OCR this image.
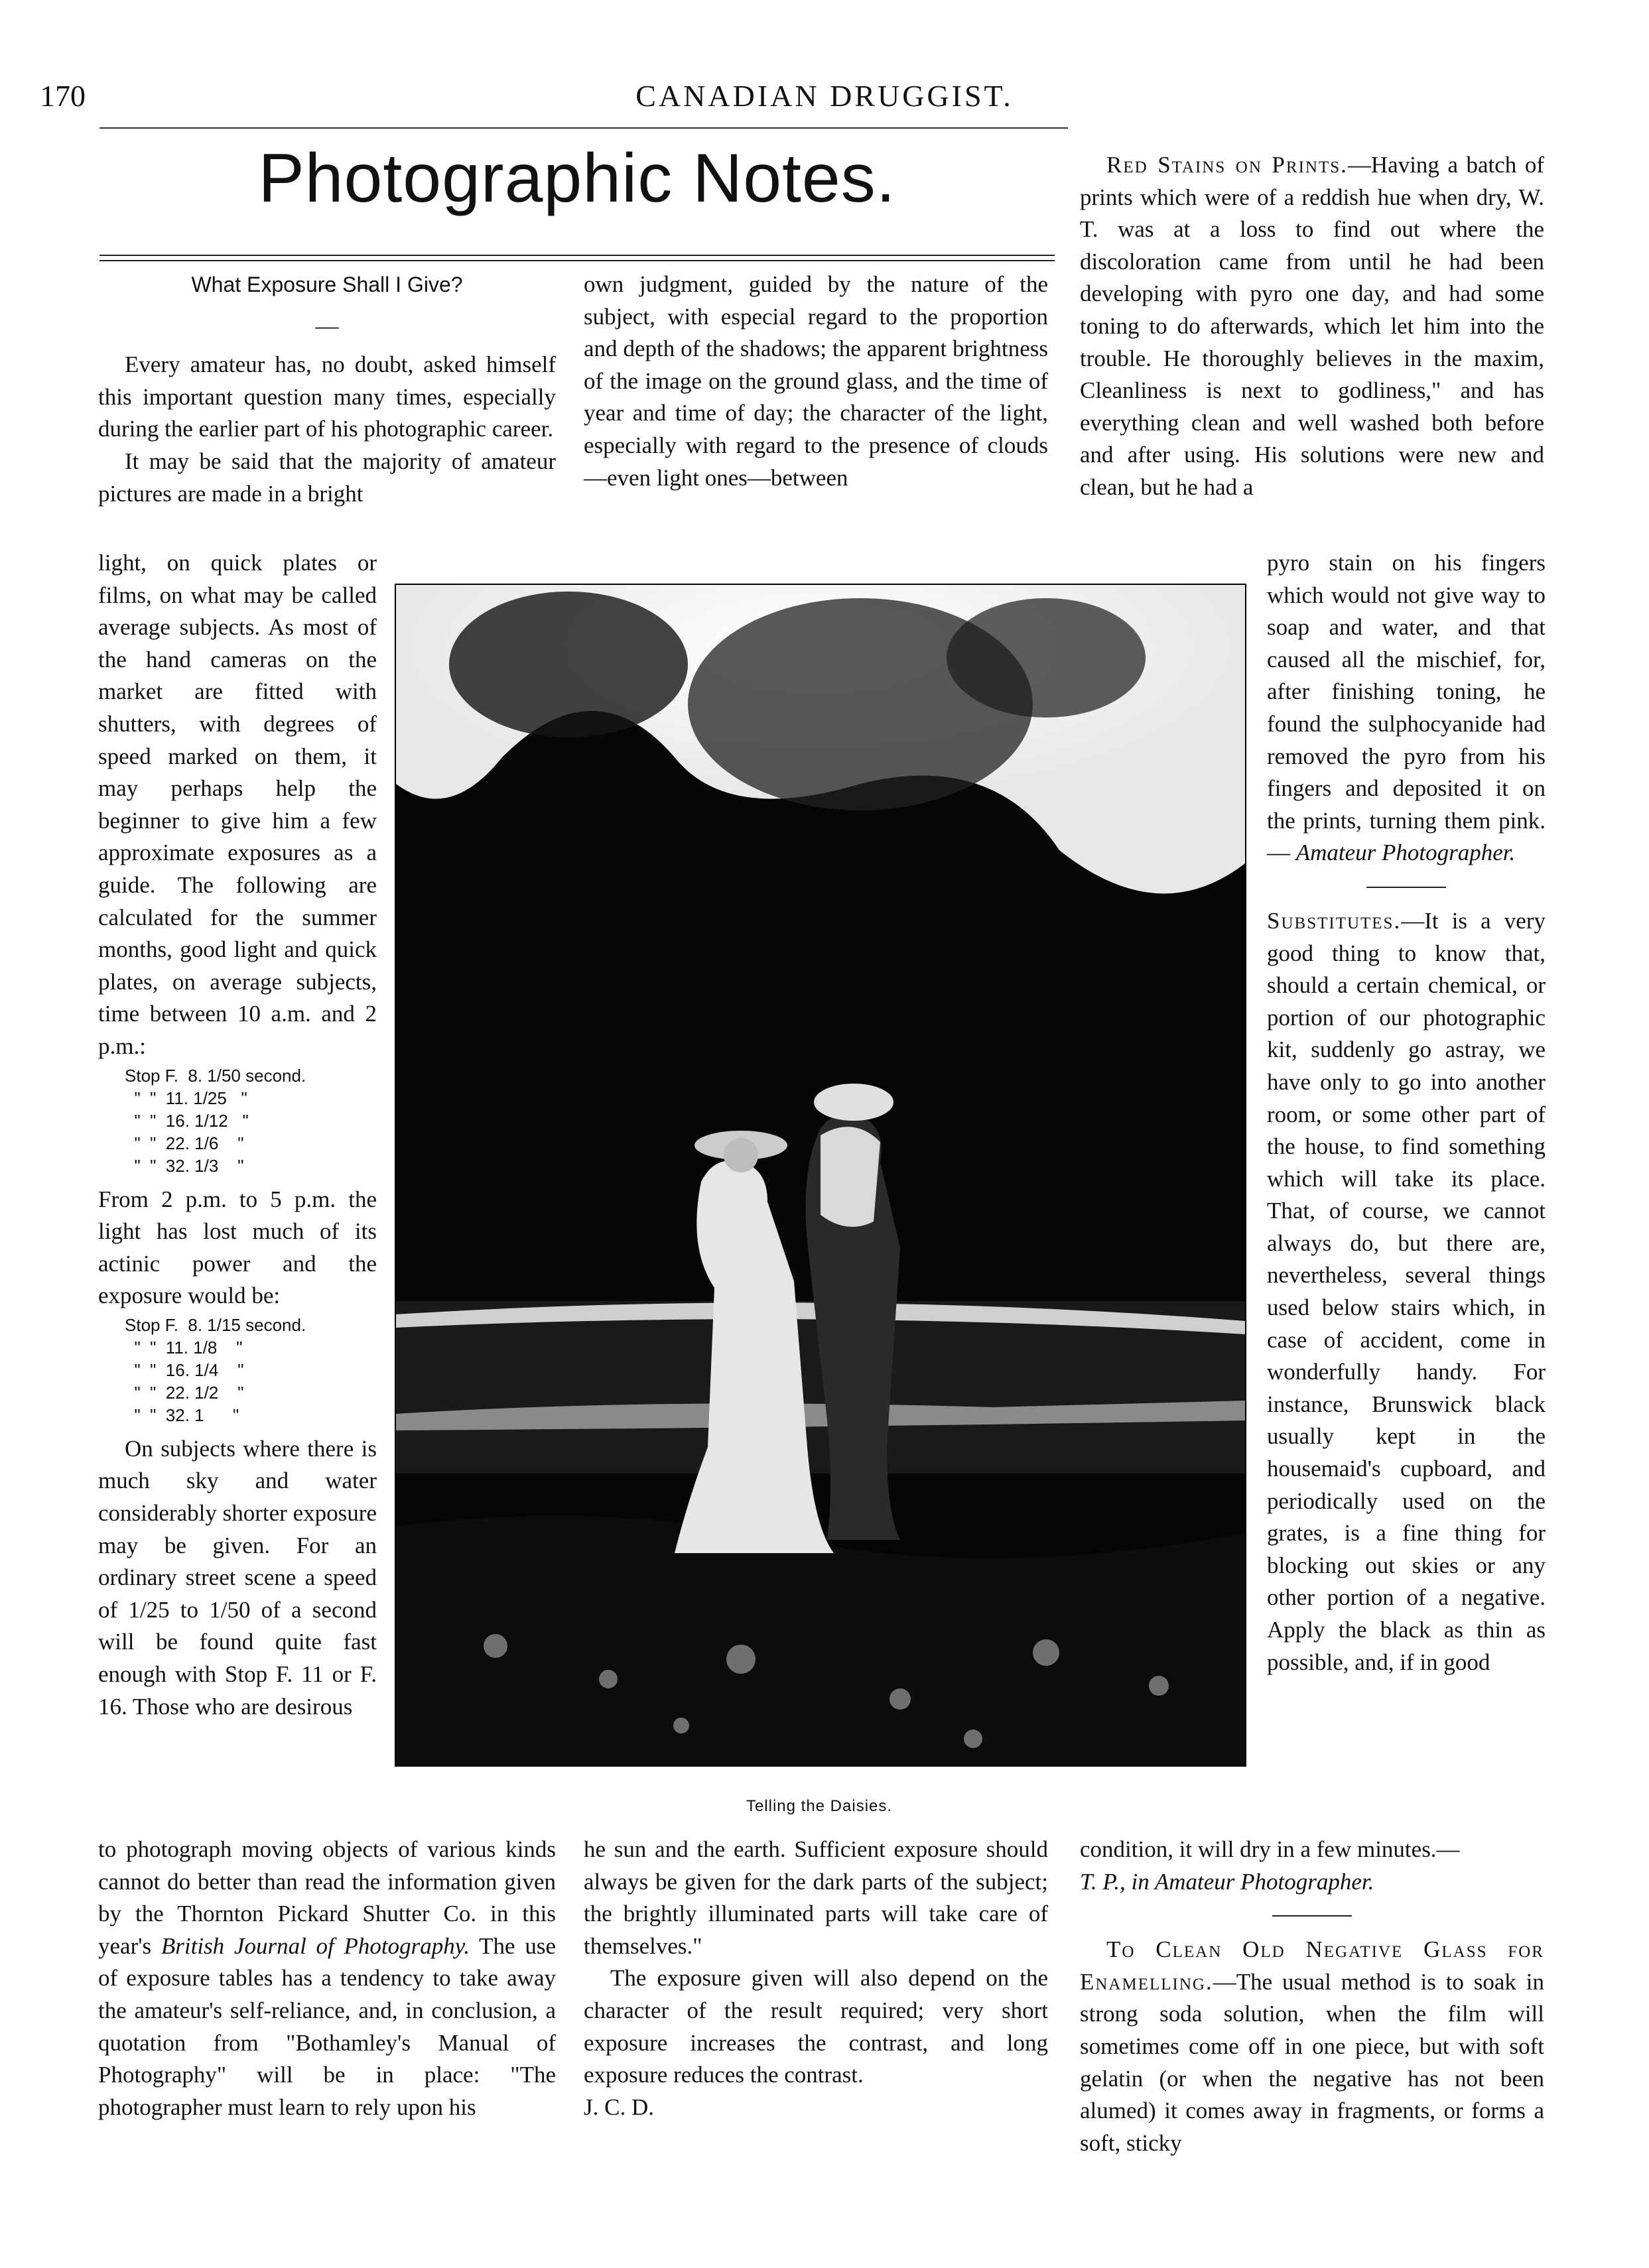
170	CANADIAN DRUGGIST.
Photographic Notes.
What Exposure Shall I Give?
—

Every amateur has, no doubt, asked himself this important question many times, especially during the earlier part of his photographic career.

It may be said that the majority of amateur pictures are made in a bright

light, on quick plates or films, on what may be called average subjects. As most of the hand cameras on the market are fitted with shutters, with degrees of speed marked on them, it may perhaps help the beginner to give him a few approximate exposures as a guide. The following are calculated for the summer months, good light and quick plates, on average subjects, time between 10 a.m. and 2 p.m.:

Stop F.  8. 1/50 second.
"  "  11. 1/25   "
"  "  16. 1/12   "
"  "  22. 1/6    "
"  "  32. 1/3    "

From 2 p.m. to 5 p.m. the light has lost much of its actinic power and the exposure would be:

Stop F.  8. 1/15 second.
"  "  11. 1/8    "
"  "  16. 1/4    "
"  "  22. 1/2    "
"  "  32. 1      "

On subjects where there is much sky and water considerably shorter exposure may be given. For an ordinary street scene a speed of 1/25 to 1/50 of a second will be found quite fast enough with Stop F. 11 or F. 16. Those who are desirous

to photograph moving objects of various kinds cannot do better than read the information given by the Thornton Pickard Shutter Co. in this year's British Journal of Photography. The use of exposure tables has a tendency to take away the amateur's self-reliance, and, in conclusion, a quotation from "Bothamley's Manual of Photography" will be in place: "The photographer must learn to rely upon his

own judgment, guided by the nature of the subject, with especial regard to the proportion and depth of the shadows; the apparent brightness of the image on the ground glass, and the time of year and time of day; the character of the light, especially with regard to the presence of clouds—even light ones—between

he sun and the earth. Sufficient exposure should always be given for the dark parts of the subject; the brightly illuminated parts will take care of themselves."

The exposure given will also depend on the character of the result required; very short exposure increases the contrast, and long exposure reduces the contrast.

J. C. D.

Red Stains on Prints.—Having a batch of prints which were of a reddish hue when dry, W. T. was at a loss to find out where the discoloration came from until he had been developing with pyro one day, and had some toning to do afterwards, which let him into the trouble. He thoroughly believes in the maxim, Cleanliness is next to godliness," and has everything clean and well washed both before and after using. His solutions were new and clean, but he had a

pyro stain on his fingers which would not give way to soap and water, and that caused all the mischief, for, after finishing toning, he found the sulphocyanide had removed the pyro from his fingers and deposited it on the prints, turning them pink.— Amateur Photographer.

Substitutes.—It is a very good thing to know that, should a certain chemical, or portion of our photographic kit, suddenly go astray, we have only to go into another room, or some other part of the house, to find something which will take its place. That, of course, we cannot always do, but there are, nevertheless, several things used below stairs which, in case of accident, come in wonderfully handy. For instance, Brunswick black usually kept in the housemaid's cupboard, and periodically used on the grates, is a fine thing for blocking out skies or any other portion of a negative. Apply the black as thin as possible, and, if in good

condition, it will dry in a few minutes.—

T. P., in Amateur Photographer.

To Clean Old Negative Glass for Enamelling.—The usual method is to soak in strong soda solution, when the film will sometimes come off in one piece, but with soft gelatin (or when the negative has not been alumed) it comes away in fragments, or forms a soft, sticky

Telling the Daisies.
